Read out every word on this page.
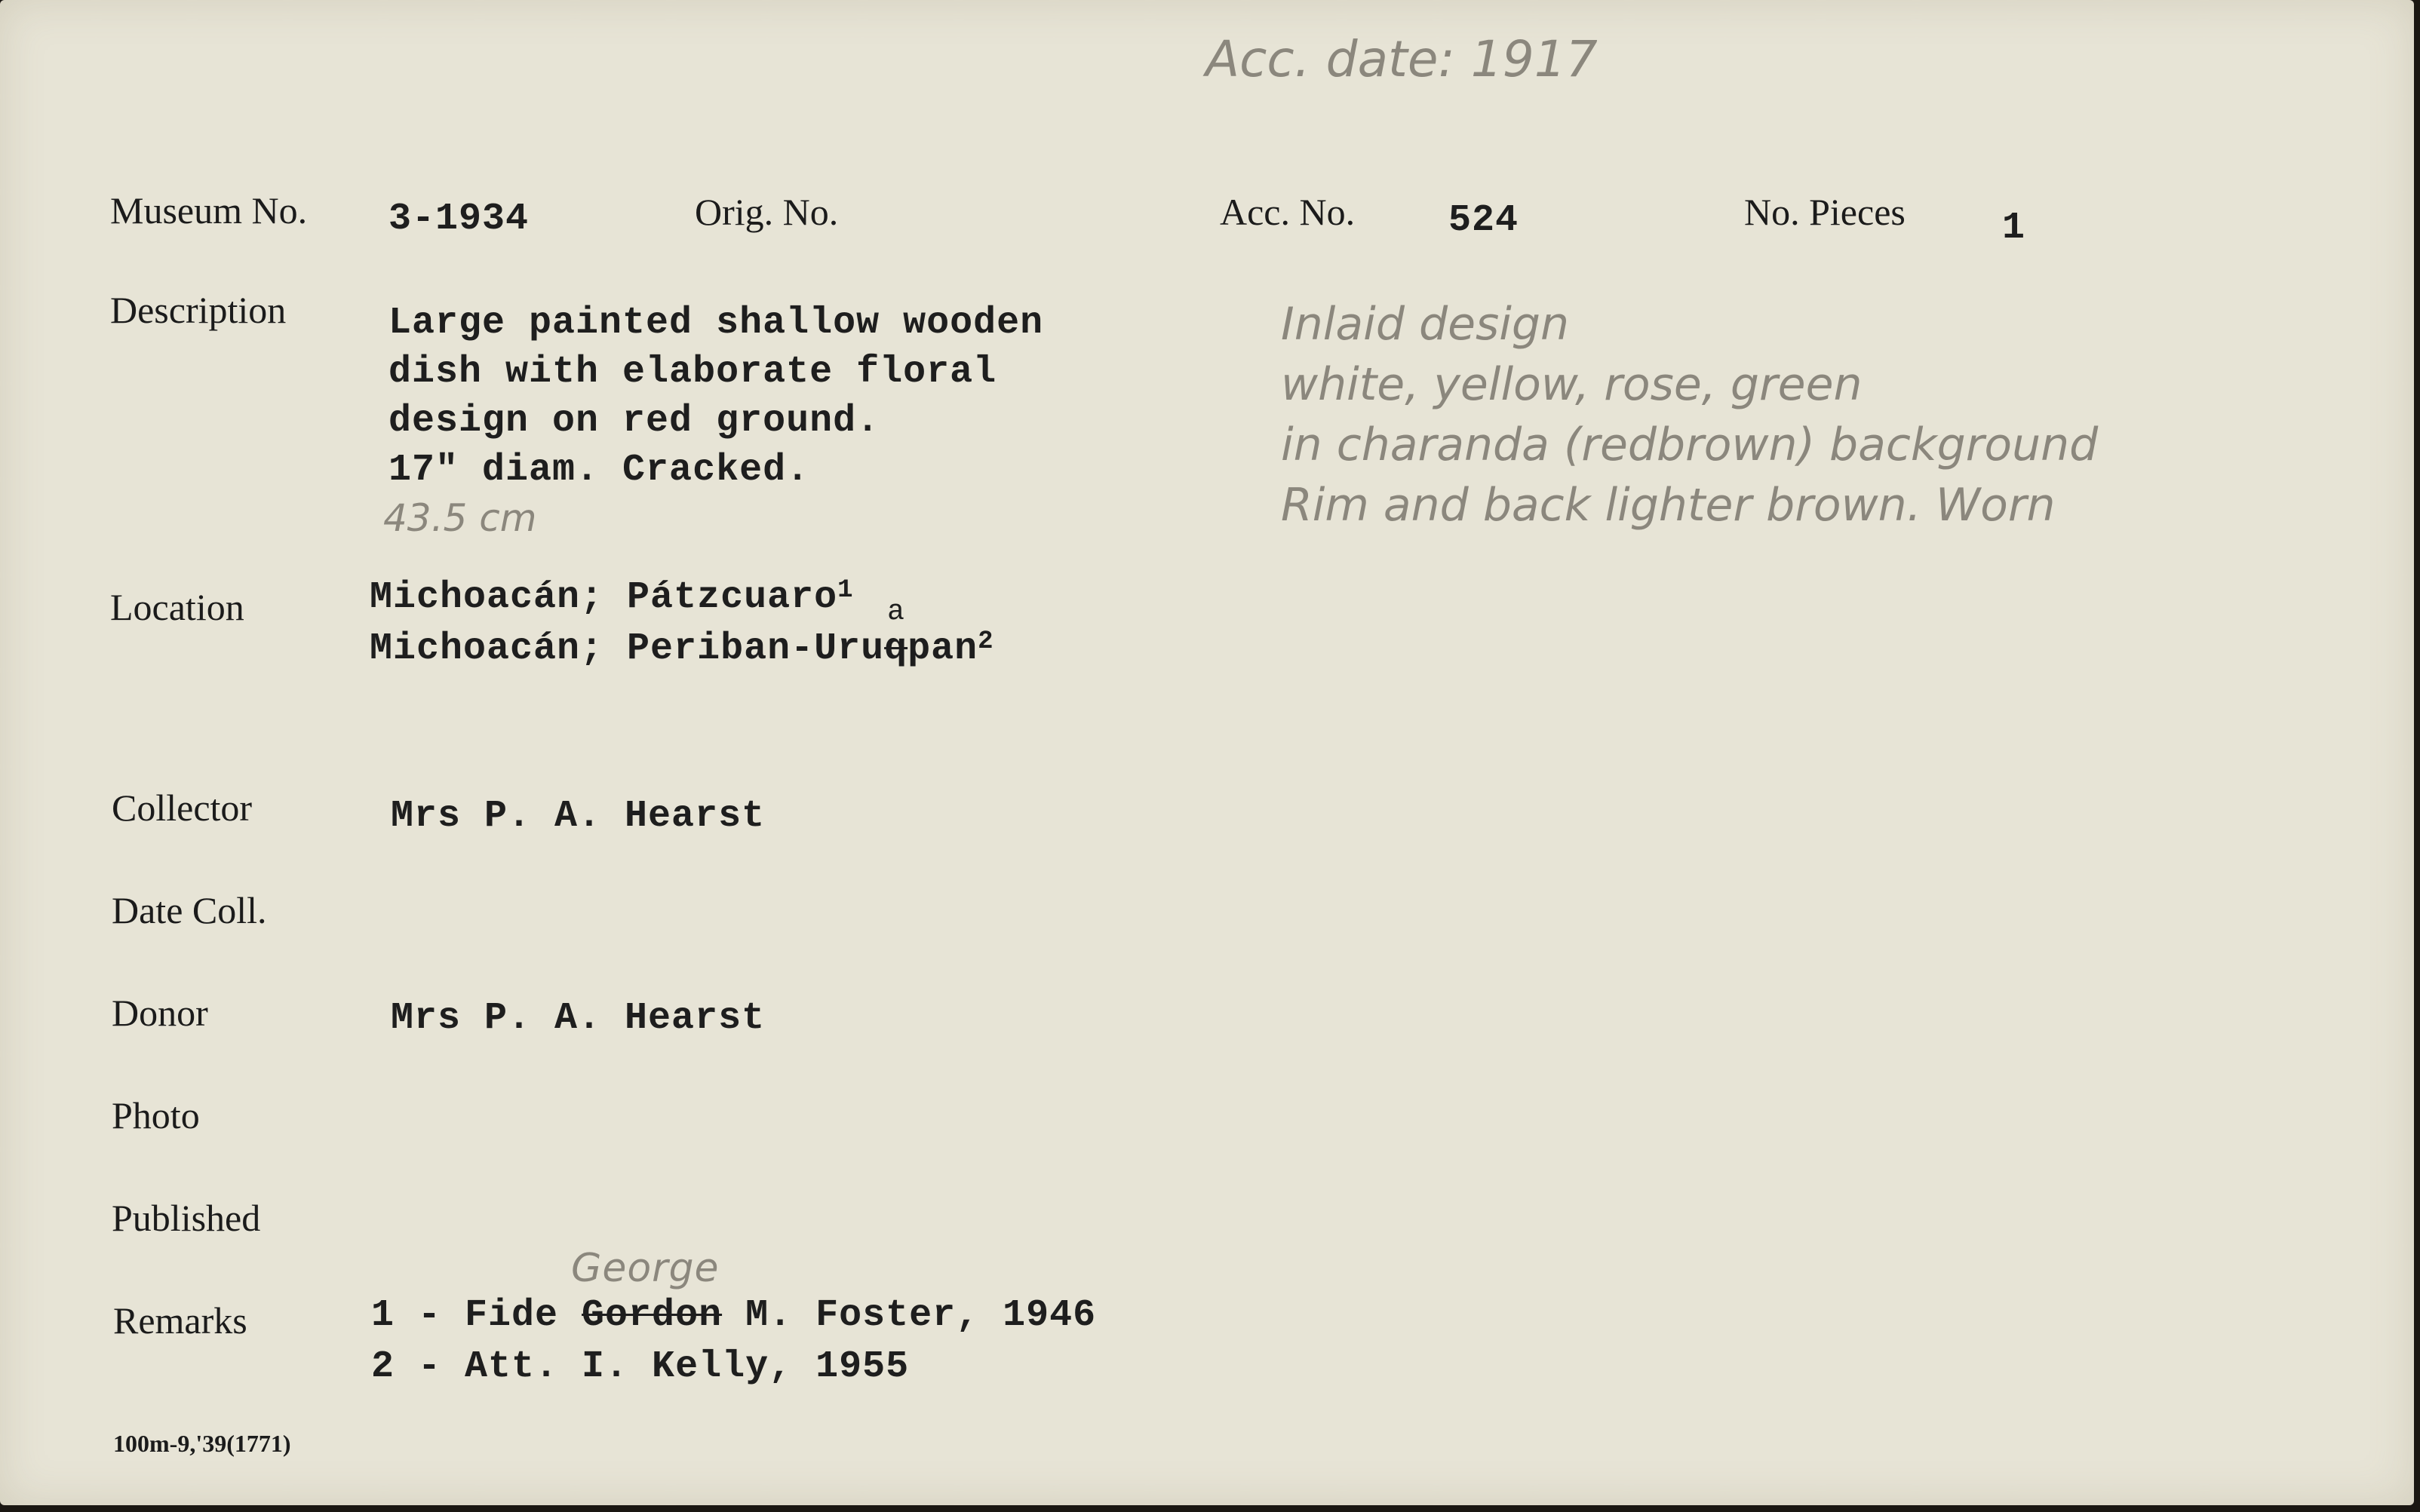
Acc. date: 1917
Museum No. 3-1934	Orig. No.	Acc. No. 524	No. Pieces	1
Description	Large painted shallow wooden
dish with elaborate floral
design on red ground.
17" diam. Cracked.
43.5 cm
Inlaid design
white, yellow, rose, green
in charanda (redbrown) background
Rim and back lighter brown. Worn
Location	Michoacán; Pátzcuaro$^1$
Michoacán; Periban-Uruq
a
pan$^2$
Collector	Mrs P. A. Hearst
Date Coll.
Donor	Mrs P. A. Hearst
Photo
Published
Remarks	1 - Fide Gordon
George
M. Foster, 1946
2 - Att. I. Kelly, 1955
100m-9,'39(1771)
